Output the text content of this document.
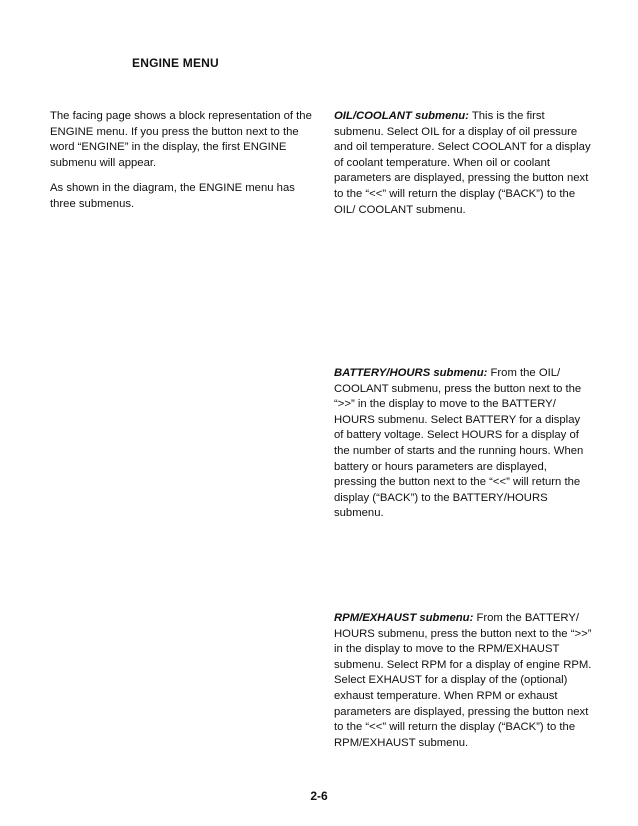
ENGINE MENU

The facing page shows a block representation of the ENGINE menu. If you press the button next to the word “ENGINE” in the display, the first ENGINE submenu will appear.

As shown in the diagram, the ENGINE menu has three submenus.

OIL/COOLANT submenu: This is the first submenu. Select OIL for a display of oil pressure and oil temperature. Select COOLANT for a display of coolant temperature. When oil or coolant parameters are displayed, pressing the button next to the “<<” will return the display (“BACK”) to the OIL/ COOLANT submenu.

BATTERY/HOURS submenu: From the OIL/ COOLANT submenu, press the button next to the “>>” in the display to move to the BATTERY/ HOURS submenu. Select BATTERY for a display of battery voltage. Select HOURS for a display of the number of starts and the running hours. When battery or hours parameters are displayed, pressing the button next to the “<<” will return the display (“BACK”) to the BATTERY/HOURS submenu.

RPM/EXHAUST submenu: From the BATTERY/ HOURS submenu, press the button next to the “>>” in the display to move to the RPM/EXHAUST submenu. Select RPM for a display of engine RPM. Select EXHAUST for a display of the (optional) exhaust temperature. When RPM or exhaust parameters are displayed, pressing the button next to the “<<” will return the display (“BACK”) to the RPM/EXHAUST submenu.

2-6
